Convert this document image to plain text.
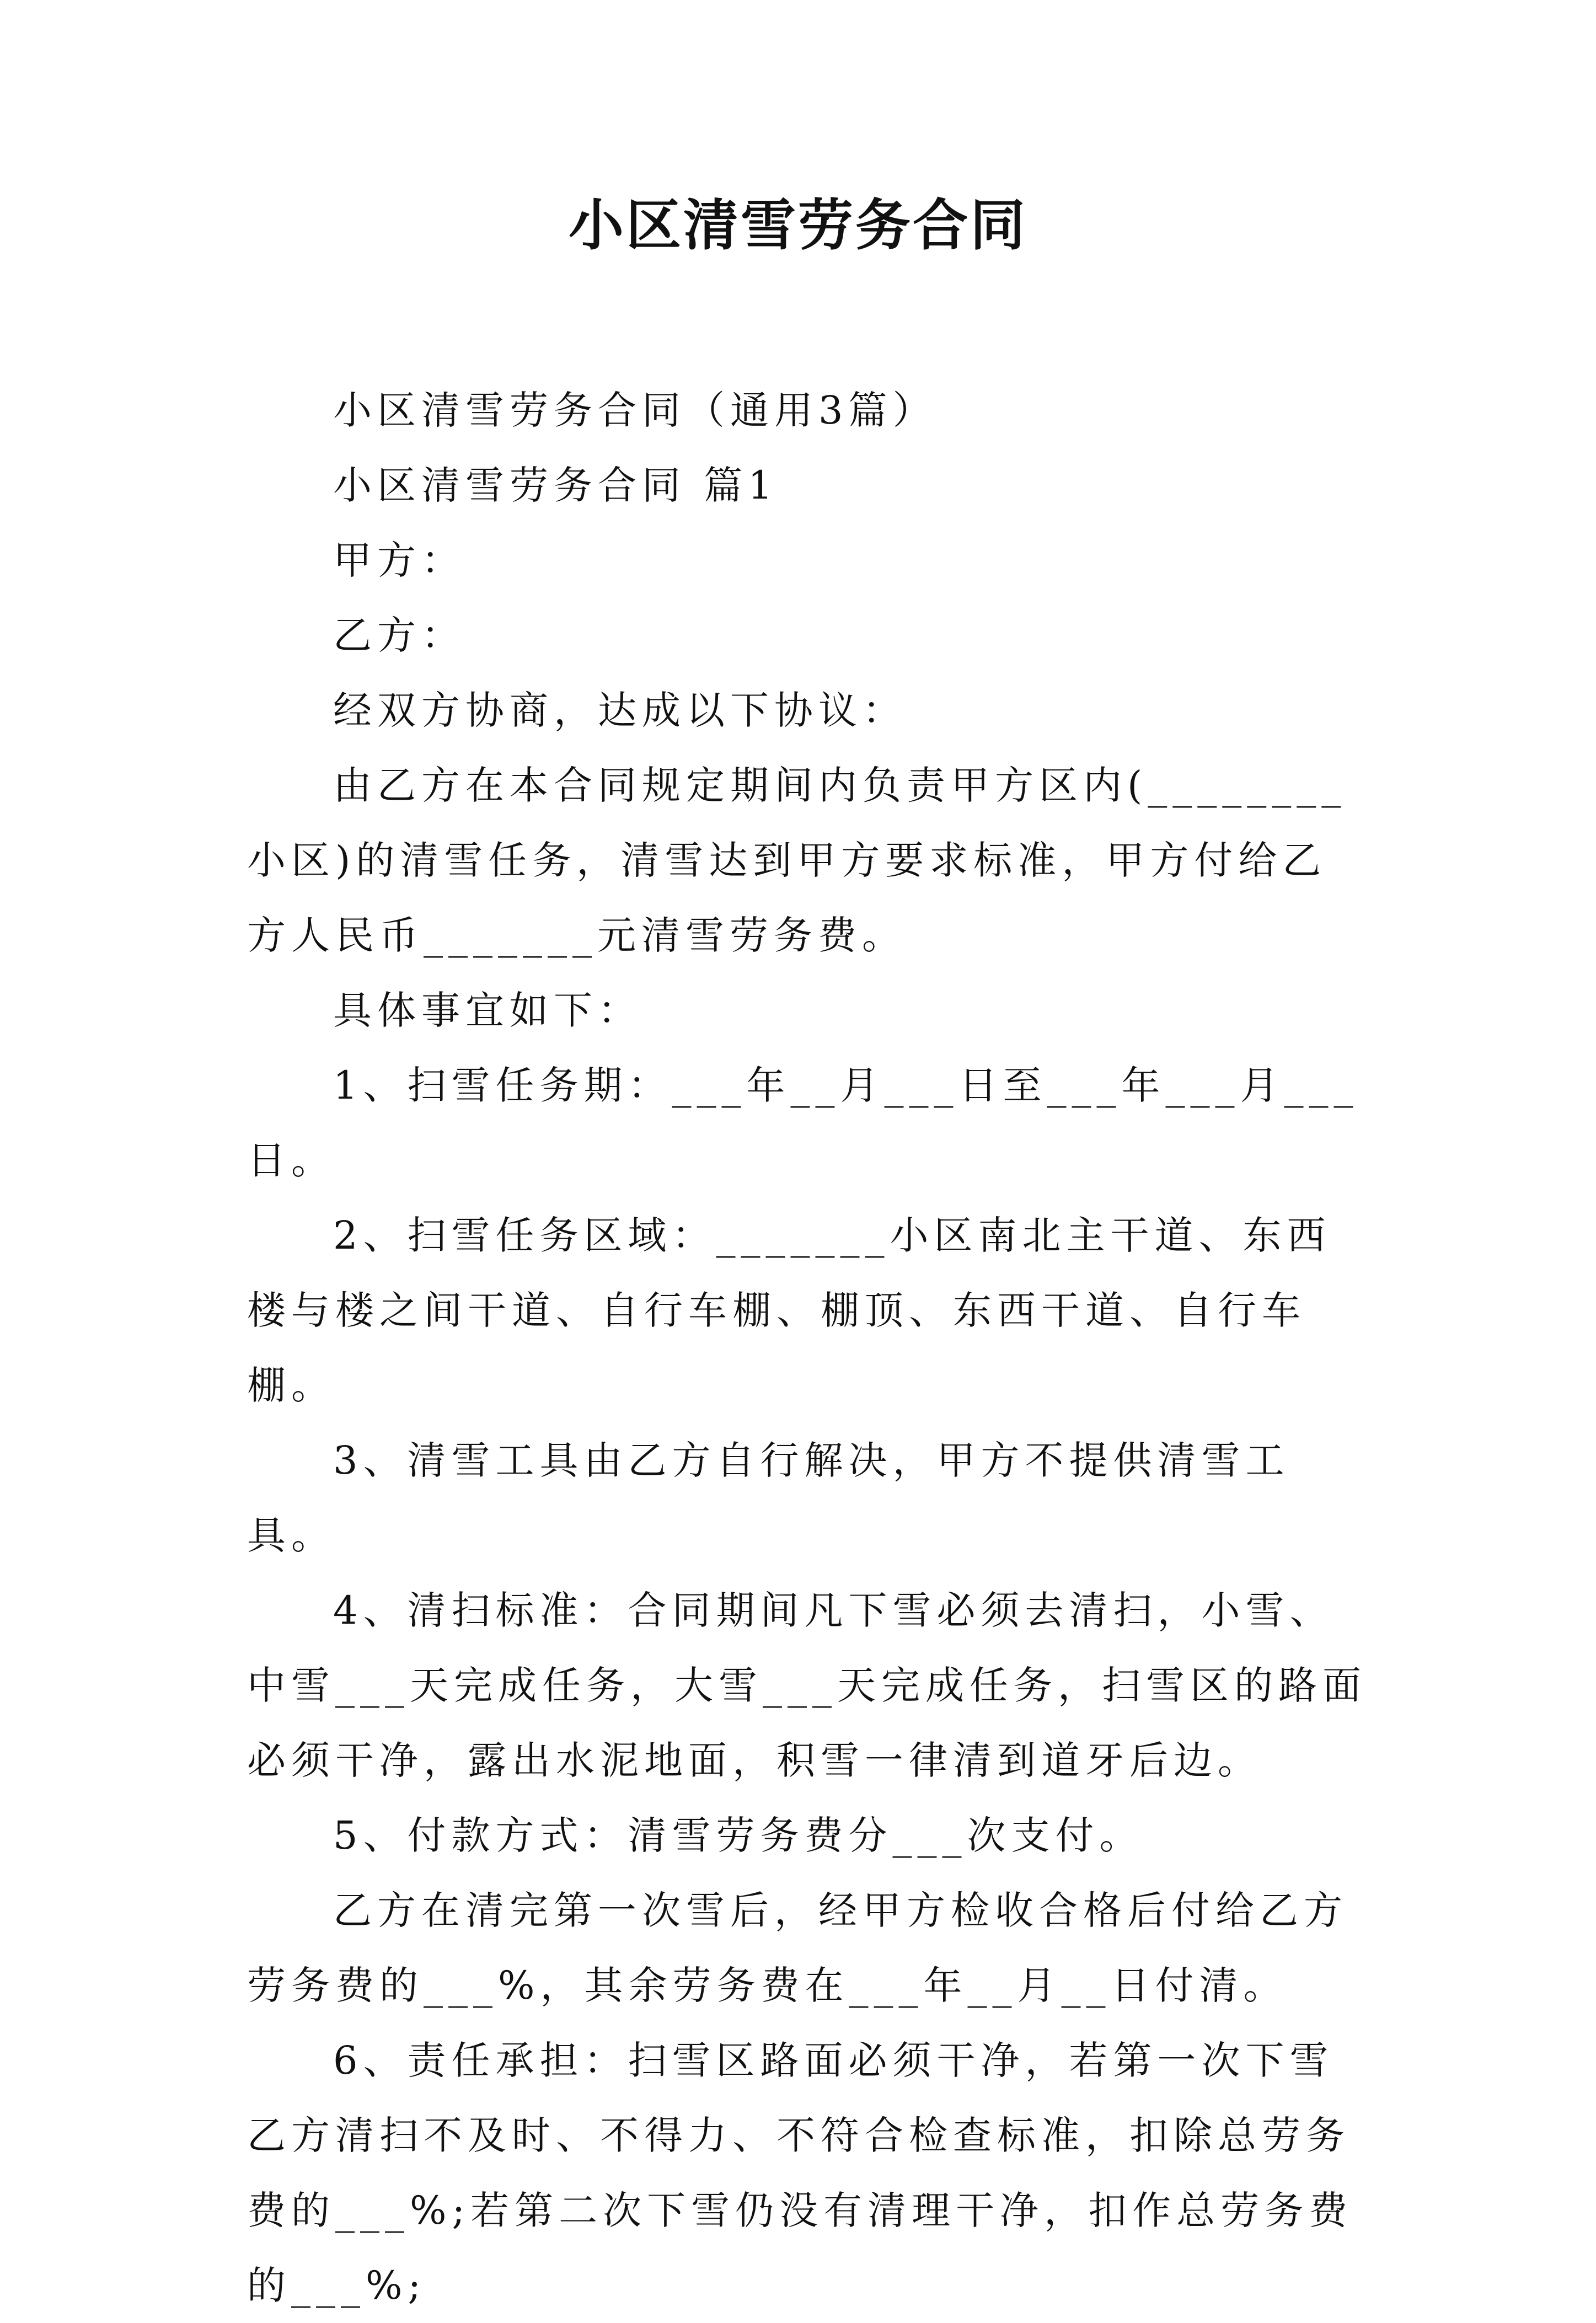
小区清雪劳务合同

小区清雪劳务合同（通用3篇）

小区清雪劳务合同 篇1

甲方：

乙方：

经双方协商，达成以下协议：

由乙方在本合同规定期间内负责甲方区内(________小区)的清雪任务，清雪达到甲方要求标准，甲方付给乙方人民币_______元清雪劳务费。

具体事宜如下：

1、扫雪任务期：___年__月___日至___年___月___日。

2、扫雪任务区域：_______小区南北主干道、东西楼与楼之间干道、自行车棚、棚顶、东西干道、自行车棚。

3、清雪工具由乙方自行解决，甲方不提供清雪工具。

4、清扫标准：合同期间凡下雪必须去清扫，小雪、中雪___天完成任务，大雪___天完成任务，扫雪区的路面必须干净，露出水泥地面，积雪一律清到道牙后边。

5、付款方式：清雪劳务费分___次支付。

乙方在清完第一次雪后，经甲方检收合格后付给乙方劳务费的___%，其余劳务费在___年__月__日付清。

6、责任承担：扫雪区路面必须干净，若第一次下雪乙方清扫不及时、不得力、不符合检查标准，扣除总劳务费的___%;若第二次下雪仍没有清理干净，扣作总劳务费的___%;
